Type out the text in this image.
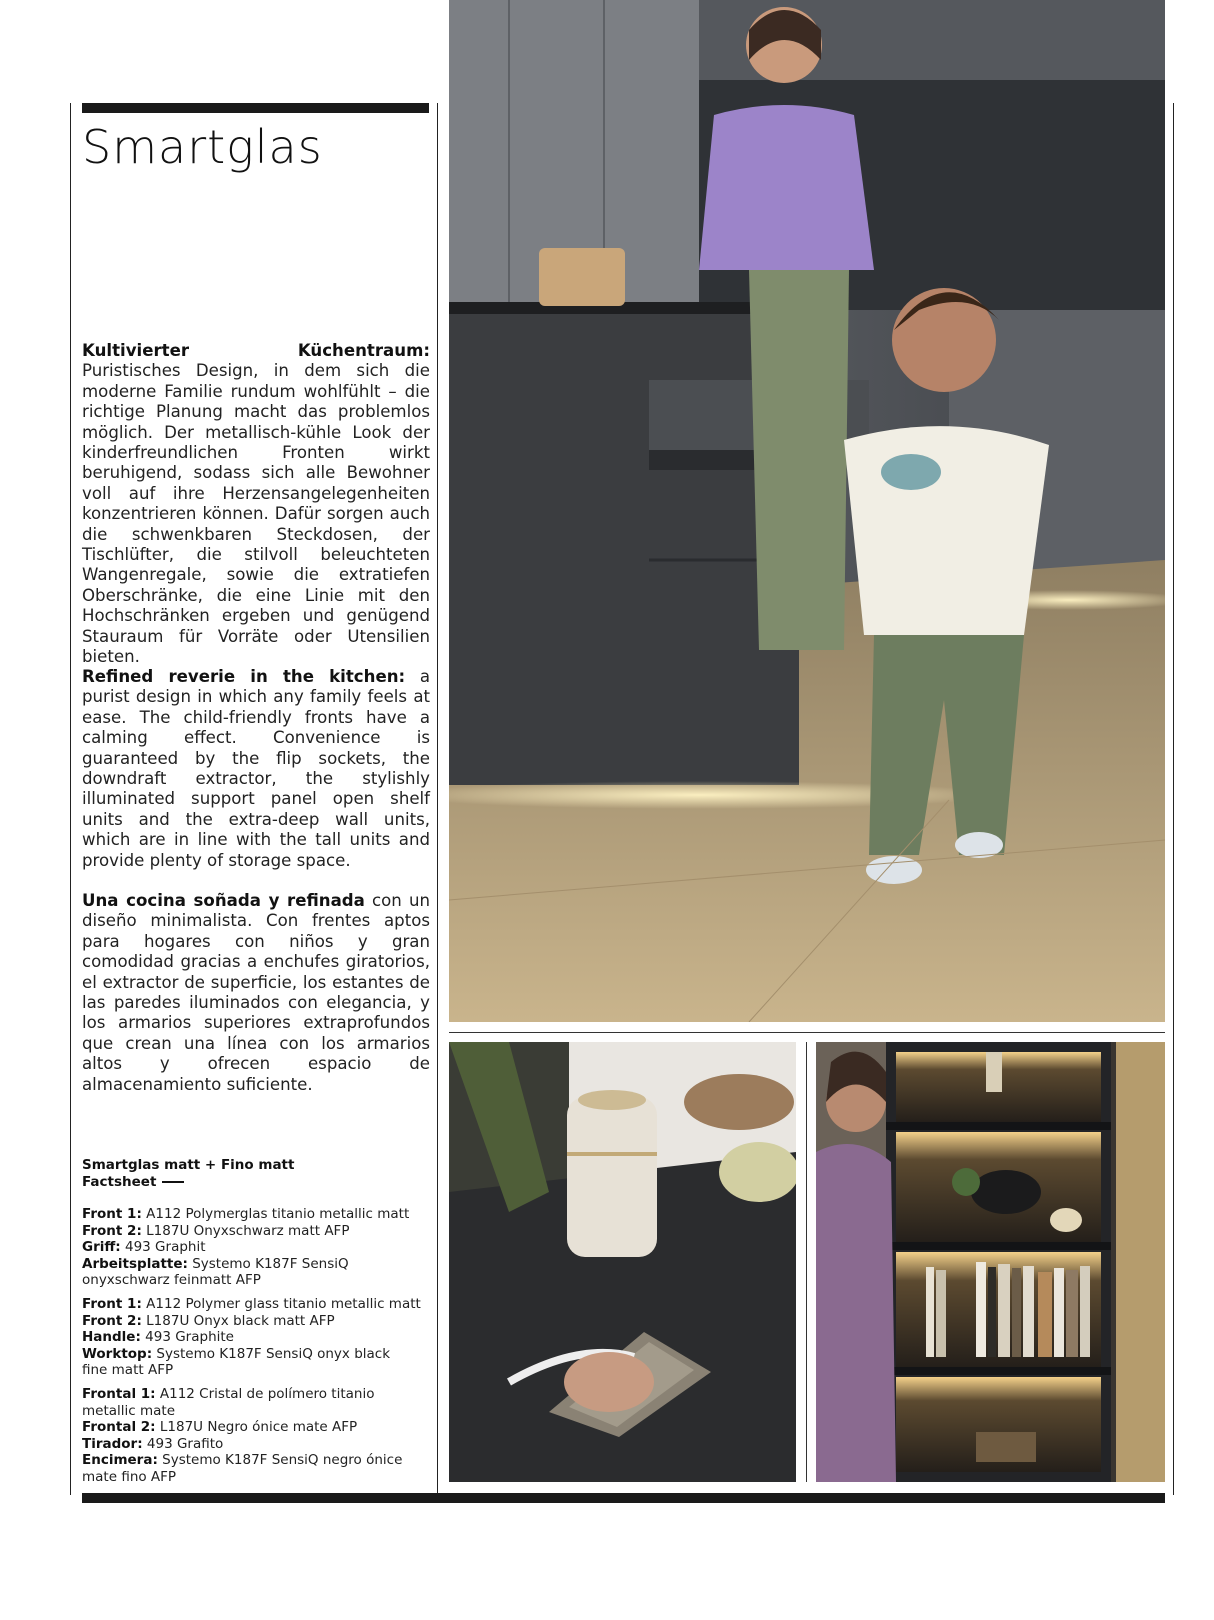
Smartglas

Kultivierter Küchentraum: Puristisches Design, in dem sich die moderne Familie rundum wohlfühlt – die richtige Planung macht das problemlos möglich. Der metallisch-kühle Look der kinderfreundlichen Fronten wirkt beruhigend, sodass sich alle Bewohner voll auf ihre Herzensangelegenheiten konzentrieren können. Dafür sorgen auch die schwenkbaren Steckdosen, der Tischlüfter, die stilvoll beleuchteten Wangenregale, sowie die extratiefen Oberschränke, die eine Linie mit den Hochschränken ergeben und genügend Stauraum für Vorräte oder Utensilien bieten.

Refined reverie in the kitchen: a purist design in which any family feels at ease. The child-friendly fronts have a calming effect. Convenience is guaranteed by the flip sockets, the downdraft extractor, the stylishly illuminated support panel open shelf units and the extra-deep wall units, which are in line with the tall units and provide plenty of storage space.

Una cocina soñada y refinada con un diseño minimalista. Con frentes aptos para hogares con niños y gran comodidad gracias a enchufes giratorios, el extractor de superficie, los estantes de las paredes iluminados con elegancia, y los armarios superiores extraprofundos que crean una línea con los armarios altos y ofrecen espacio de almacenamiento suficiente.

Smartglas matt + Fino matt
Factsheet
Front 1: A112 Polymerglas titanio metallic matt
Front 2: L187U Onyxschwarz matt AFP
Griff: 493 Graphit
Arbeitsplatte: Systemo K187F SensiQ onyxschwarz feinmatt AFP
Front 1: A112 Polymer glass titanio metallic matt
Front 2: L187U Onyx black matt AFP
Handle: 493 Graphite
Worktop: Systemo K187F SensiQ onyx black fine matt AFP
Frontal 1: A112 Cristal de polímero titanio metallic mate
Frontal 2: L187U Negro ónice mate AFP
Tirador: 493 Grafito
Encimera: Systemo K187F SensiQ negro ónice mate fino AFP
